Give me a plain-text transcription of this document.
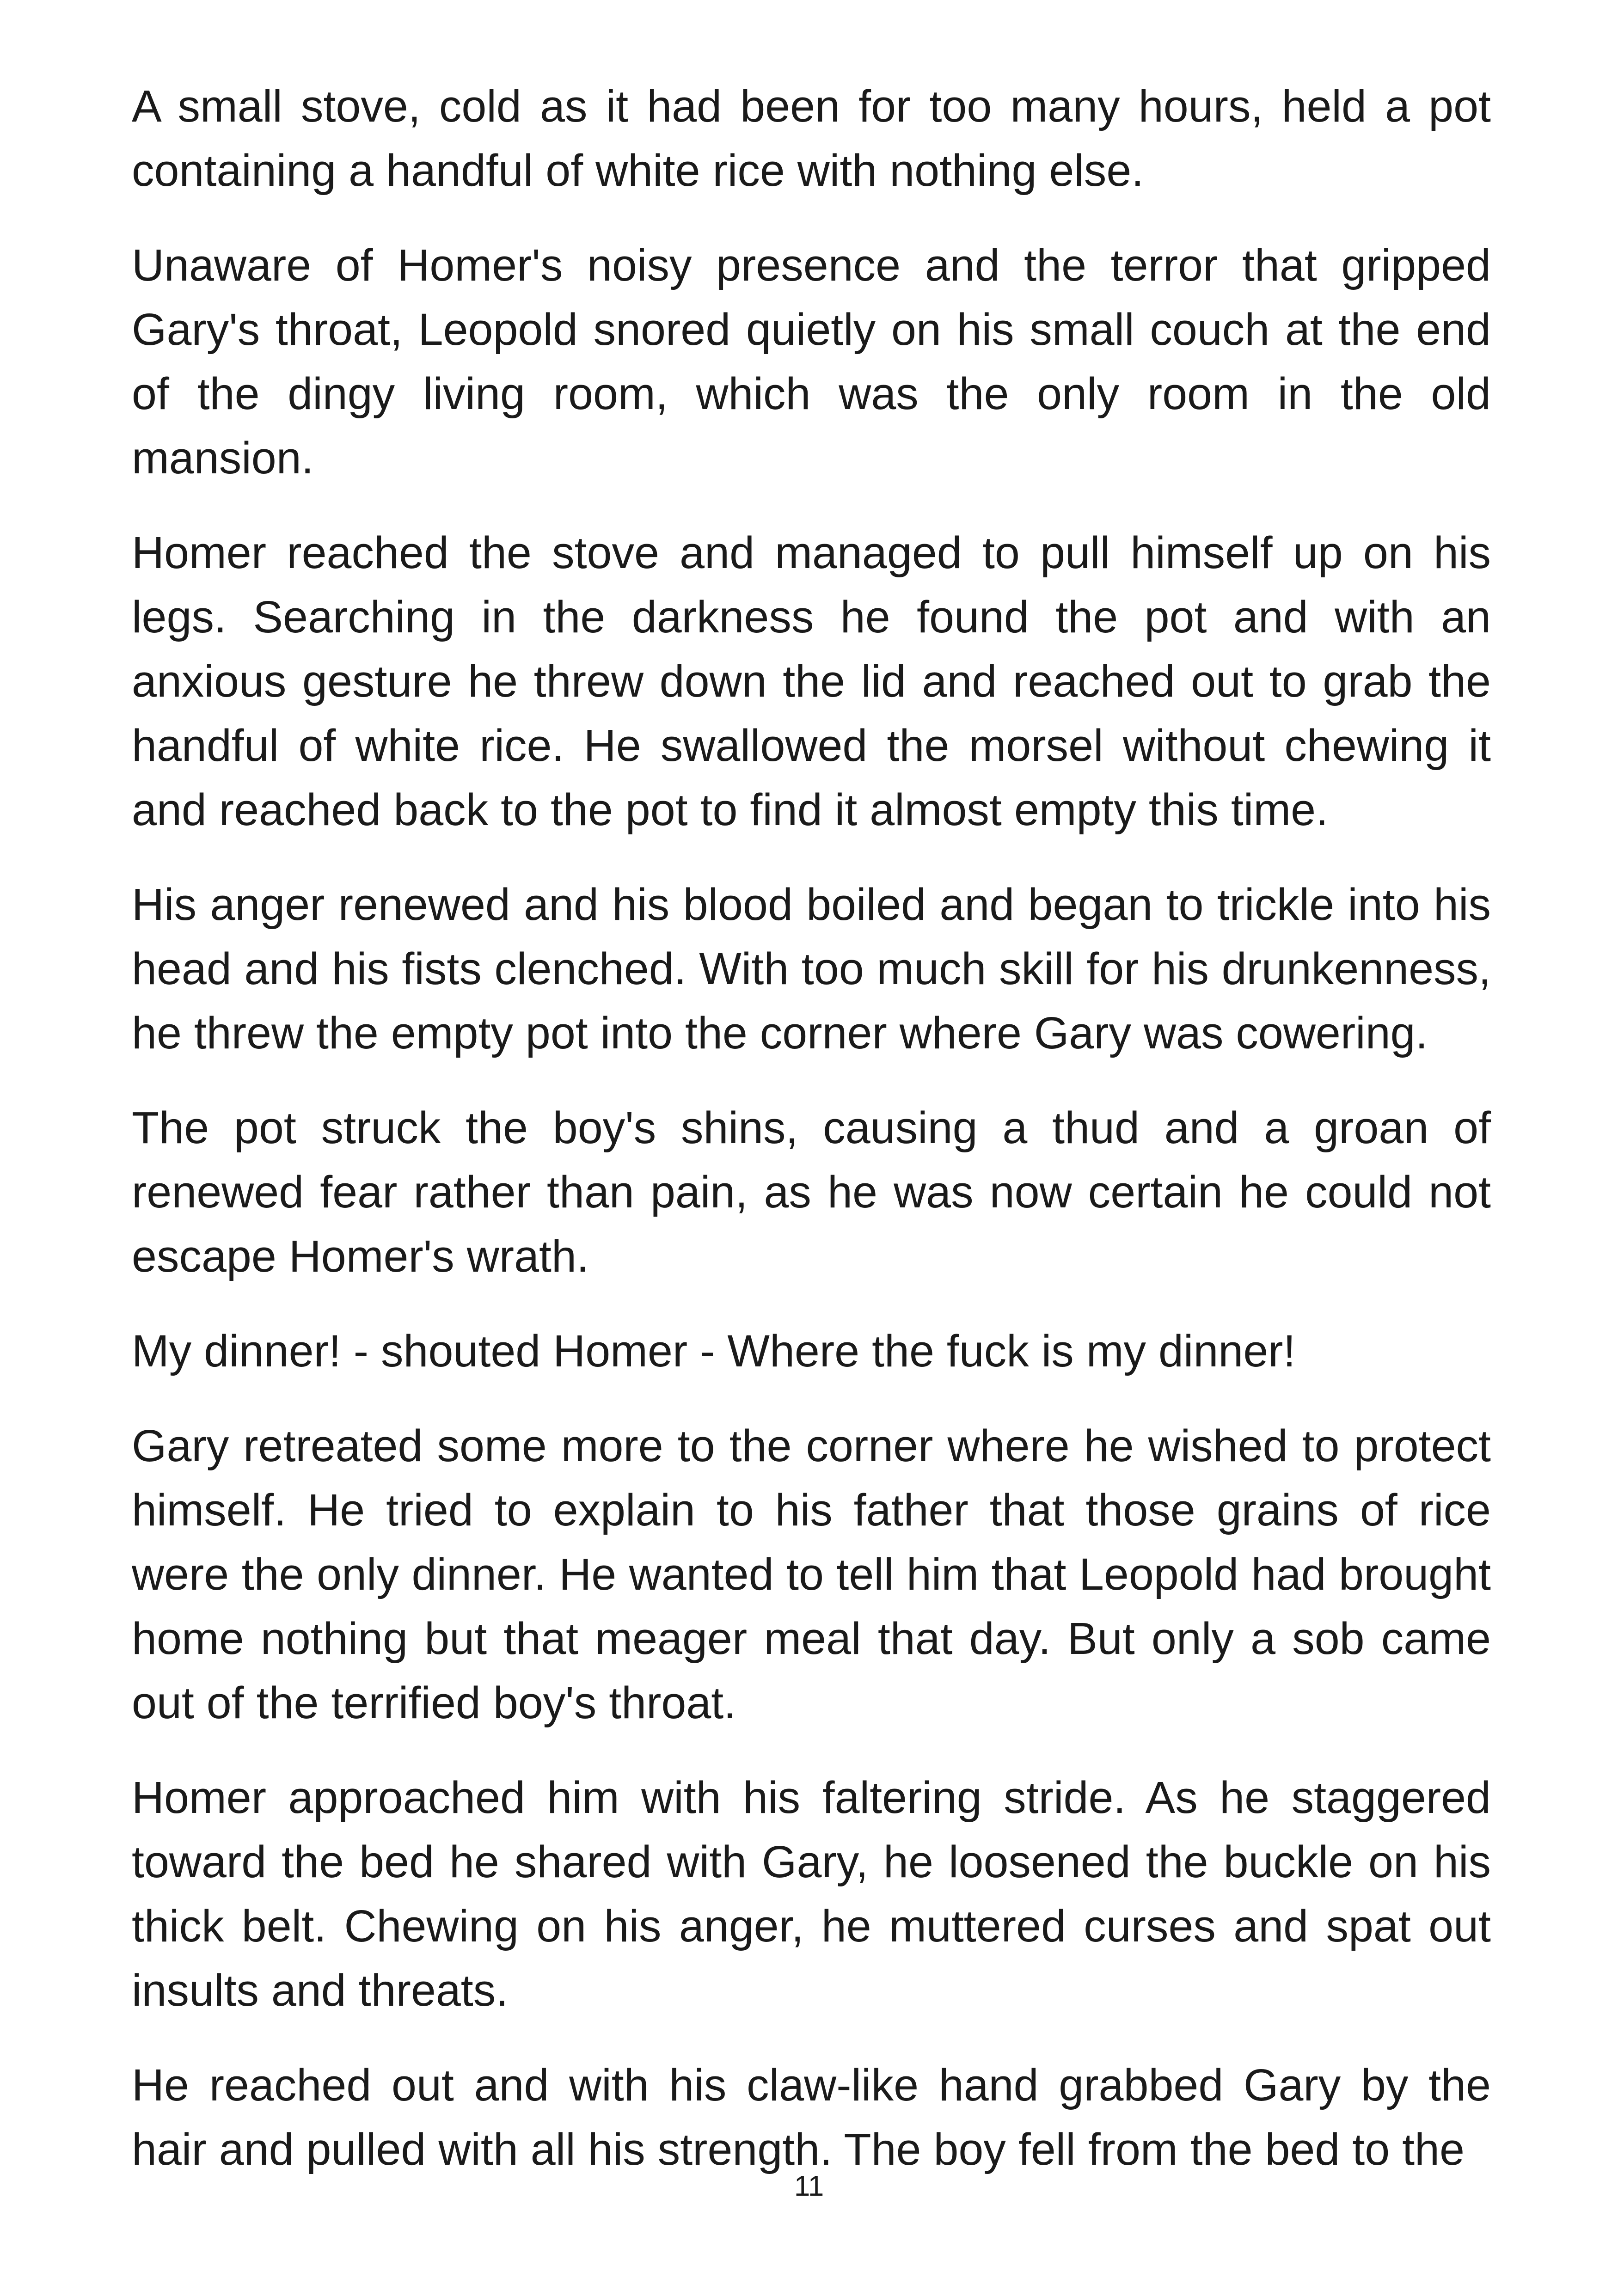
A small stove, cold as it had been for too many hours, held a pot containing a handful of white rice with nothing else.

Unaware of Homer's noisy presence and the terror that gripped Gary's throat, Leopold snored quietly on his small couch at the end of the dingy living room, which was the only room in the old mansion.

Homer reached the stove and managed to pull himself up on his legs. Searching in the darkness he found the pot and with an anxious gesture he threw down the lid and reached out to grab the handful of white rice. He swallowed the morsel without chewing it and reached back to the pot to find it almost empty this time.

His anger renewed and his blood boiled and began to trickle into his head and his fists clenched. With too much skill for his drunkenness, he threw the empty pot into the corner where Gary was cowering.

The pot struck the boy's shins, causing a thud and a groan of renewed fear rather than pain, as he was now certain he could not escape Homer's wrath.

My dinner! - shouted Homer - Where the fuck is my dinner!

Gary retreated some more to the corner where he wished to protect himself. He tried to explain to his father that those grains of rice were the only dinner. He wanted to tell him that Leopold had brought home nothing but that meager meal that day. But only a sob came out of the terrified boy's throat.

Homer approached him with his faltering stride. As he staggered toward the bed he shared with Gary, he loosened the buckle on his thick belt. Chewing on his anger, he muttered curses and spat out insults and threats.

He reached out and with his claw-like hand grabbed Gary by the hair and pulled with all his strength. The boy fell from the bed to the

11
